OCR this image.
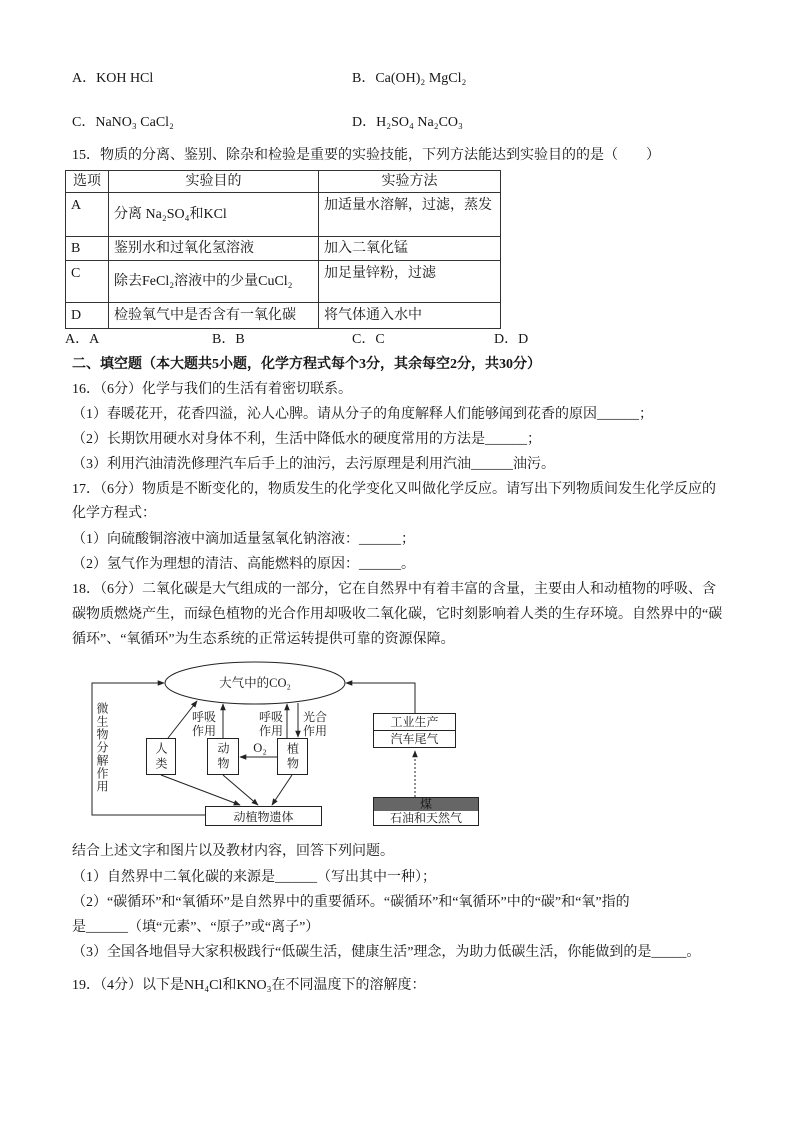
A．KOH HCl	B．Ca(OH)₂ MgCl₂
C．NaNO₃ CaCl₂	D．H₂SO₄ Na₂CO₃
15．物质的分离、鉴别、除杂和检验是重要的实验技能，下列方法能达到实验目的的是（　　）
选项	实验目的	实验方法
A	分离 Na₂SO₄和KCl	加适量水溶解，过滤，蒸发
B	鉴别水和过氧化氢溶液	加入二氧化锰
C	除去FeCl₂溶液中的少量CuCl₂	加足量锌粉，过滤
D	检验氧气中是否含有一氧化碳	将气体通入水中
A．A	B．B	C．C	D．D
二、填空题（本大题共5小题，化学方程式每个3分，其余每空2分，共30分）
16．（6分）化学与我们的生活有着密切联系。
（1）春暖花开，花香四溢，沁人心脾。请从分子的角度解释人们能够闻到花香的原因______；
（2）长期饮用硬水对身体不利，生活中降低水的硬度常用的方法是______；
（3）利用汽油清洗修理汽车后手上的油污，去污原理是利用汽油______油污。
17．（6分）物质是不断变化的，物质发生的化学变化又叫做化学反应。请写出下列物质间发生化学反应的
化学方程式：
（1）向硫酸铜溶液中滴加适量氢氧化钠溶液：______；
（2）氢气作为理想的清洁、高能燃料的原因：______。
18．（6分）二氧化碳是大气组成的一部分，它在自然界中有着丰富的含量，主要由人和动植物的呼吸、含
碳物质燃烧产生，而绿色植物的光合作用却吸收二氧化碳，它时刻影响着人类的生存环境。自然界中的“碳
循环”、“氧循环”为生态系统的正常运转提供可靠的资源保障。
大气中的CO₂
微生物分解作用	人类	动物	植物
呼吸作用
呼吸作用
光合作用
O₂
动植物遗体
工业生产
汽车尾气
煤
石油和天然气
结合上述文字和图片以及教材内容，回答下列问题。
（1）自然界中二氧化碳的来源是______（写出其中一种）；
（2）“碳循环”和“氧循环”是自然界中的重要循环。“碳循环”和“氧循环”中的“碳”和“氧”指的
是______（填“元素”、“原子”或“离子”）
（3）全国各地倡导大家积极践行“低碳生活，健康生活”理念，为助力低碳生活，你能做到的是_____。
19．（4分）以下是NH₄Cl和KNO₃在不同温度下的溶解度：
